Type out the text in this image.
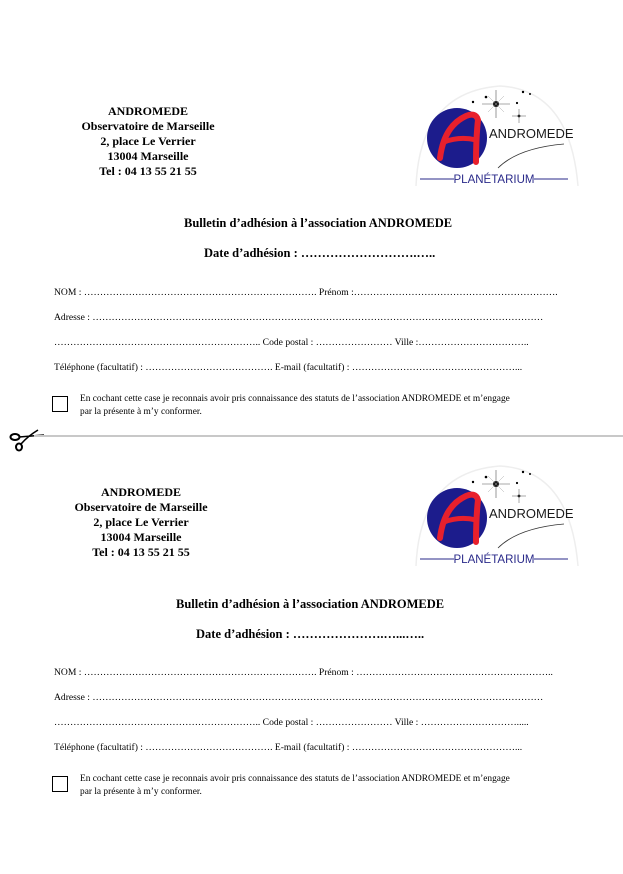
ANDROMEDE
Observatoire de Marseille
2, place Le Verrier
13004 Marseille
Tel : 04 13 55 21 55
ANDROMEDE
PLANÉTARIUM
Bulletin d’adhésion à l’association ANDROMEDE
Date d’adhésion : ……………………….…..
NOM : ………………………………………………………………. Prénom :……………………………………………………….
Adresse : ……………………………………………………………………………………………………………………………
……………………………………………………….. Code postal : …………………… Ville :……………………………..
Téléphone (facultatif) : …………………………………. E-mail (facultatif) : ……………………………………………...
En cochant cette case je reconnais avoir pris connaissance des statuts de l’association ANDROMEDE et m’engage
par la présente à m’y conformer.
ANDROMEDE
Observatoire de Marseille
2, place Le Verrier
13004 Marseille
Tel : 04 13 55 21 55
ANDROMEDE
PLANÉTARIUM
Bulletin d’adhésion à l’association ANDROMEDE
Date d’adhésion : ………………….…...…..
NOM : ………………………………………………………………. Prénom : ……………………………………………………..
Adresse : ……………………………………………………………………………………………………………………………
……………………………………………………….. Code postal : …………………… Ville : ………………………….....
Téléphone (facultatif) : …………………………………. E-mail (facultatif) : ……………………………………………...
En cochant cette case je reconnais avoir pris connaissance des statuts de l’association ANDROMEDE et m’engage
par la présente à m’y conformer.
